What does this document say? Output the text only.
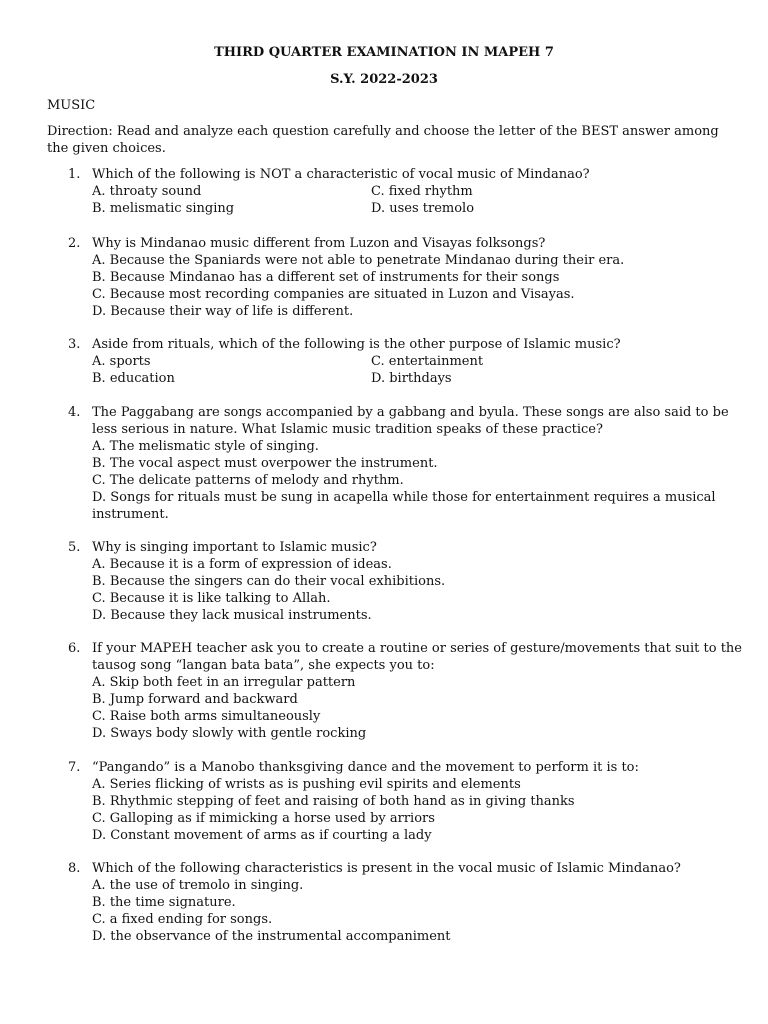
THIRD QUARTER EXAMINATION IN MAPEH 7
S.Y. 2022-2023
MUSIC
Direction: Read and analyze each question carefully and choose the letter of the BEST answer among the given choices.
1. Which of the following is NOT a characteristic of vocal music of Mindanao?
A. throaty sound	C. fixed rhythm
B. melismatic singing	D. uses tremolo
2. Why is Mindanao music different from Luzon and Visayas folksongs?
A. Because the Spaniards were not able to penetrate Mindanao during their era.
B. Because Mindanao has a different set of instruments for their songs
C. Because most recording companies are situated in Luzon and Visayas.
D. Because their way of life is different.
3. Aside from rituals, which of the following is the other purpose of Islamic music?
A. sports	C. entertainment
B. education	D. birthdays
4. The Paggabang are songs accompanied by a gabbang and byula. These songs are also said to be less serious in nature. What Islamic music tradition speaks of these practice?
A. The melismatic style of singing.
B. The vocal aspect must overpower the instrument.
C. The delicate patterns of melody and rhythm.
D. Songs for rituals must be sung in acapella while those for entertainment requires a musical instrument.
5. Why is singing important to Islamic music?
A. Because it is a form of expression of ideas.
B. Because the singers can do their vocal exhibitions.
C. Because it is like talking to Allah.
D. Because they lack musical instruments.
6. If your MAPEH teacher ask you to create a routine or series of gesture/movements that suit to the tausog song “langan bata bata”, she expects you to:
A. Skip both feet in an irregular pattern
B. Jump forward and backward
C. Raise both arms simultaneously
D. Sways body slowly with gentle rocking
7. “Pangando” is a Manobo thanksgiving dance and the movement to perform it is to:
A. Series flicking of wrists as is pushing evil spirits and elements
B. Rhythmic stepping of feet and raising of both hand as in giving thanks
C. Galloping as if mimicking a horse used by arriors
D. Constant movement of arms as if courting a lady
8. Which of the following characteristics is present in the vocal music of Islamic Mindanao?
A. the use of tremolo in singing.
B. the time signature.
C. a fixed ending for songs.
D. the observance of the instrumental accompaniment
